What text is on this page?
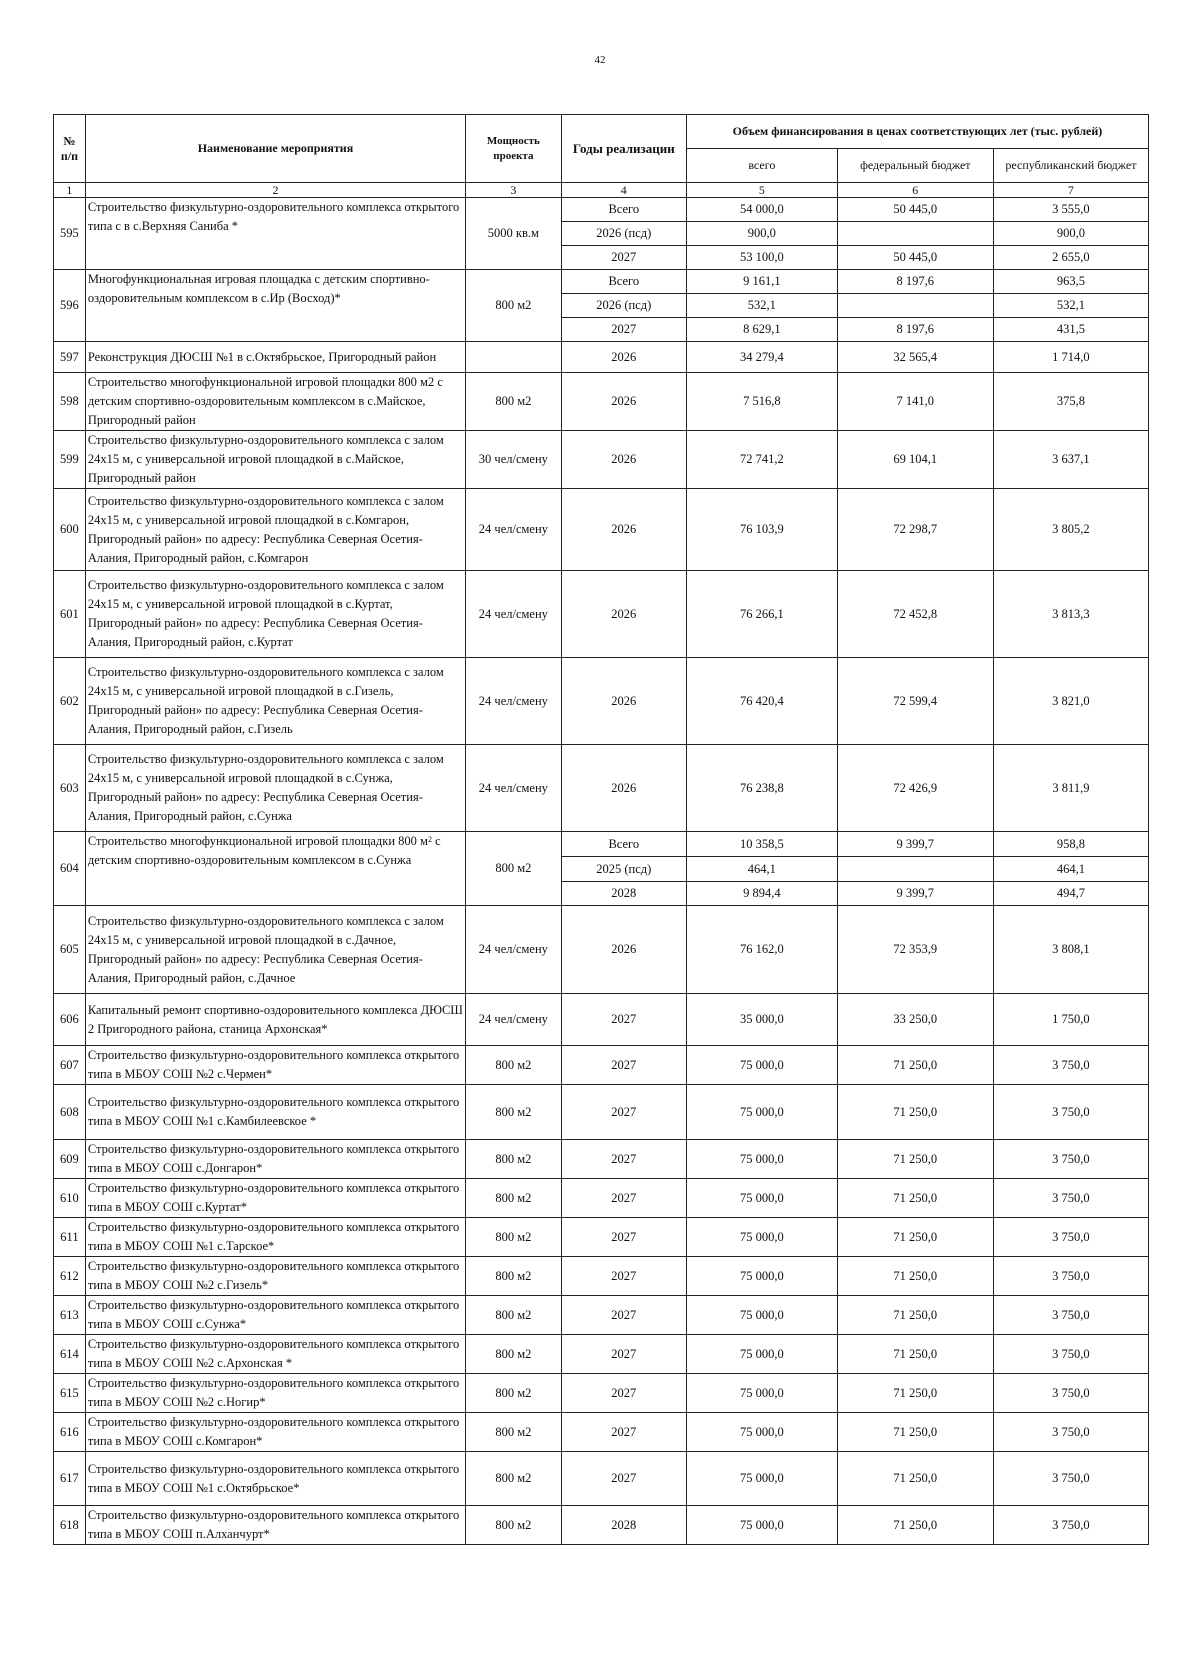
42
№
п/п	Наименование мероприятия	Мощность проекта	Годы реализации	Объем финансирования в ценах соответствующих лет (тыс. рублей)		
				всего	федеральный бюджет	республиканский бюджет
1	2	3	4	5	6	7
595	Строительство физкультурно-оздоровительного комплекса открытого типа с в с.Верхняя Саниба *	5000 кв.м	Всего	54 000,0	50 445,0	3 555,0
			2026 (псд)	900,0		900,0
			2027	53 100,0	50 445,0	2 655,0
596	Многофункциональная игровая площадка с детским спортивно-оздоровительным комплексом в с.Ир (Восход)*	800 м2	Всего	9 161,1	8 197,6	963,5
			2026 (псд)	532,1		532,1
			2027	8 629,1	8 197,6	431,5
597	Реконструкция ДЮСШ №1 в с.Октябрьское, Пригородный район		2026	34 279,4	32 565,4	1 714,0
598	Строительство многофункциональной игровой площадки 800 м2 с детским спортивно-оздоровительным комплексом в с.Майское, Пригородный район	800 м2	2026	7 516,8	7 141,0	375,8
599	Строительство физкультурно-оздоровительного комплекса с залом 24х15 м, с универсальной игровой площадкой в с.Майское, Пригородный район	30 чел/смену	2026	72 741,2	69 104,1	3 637,1
600	Строительство физкультурно-оздоровительного комплекса с залом 24х15 м, с универсальной игровой площадкой в с.Комгарон, Пригородный район» по адресу: Республика Северная Осетия-Алания, Пригородный район, с.Комгарон	24 чел/смену	2026	76 103,9	72 298,7	3 805,2
601	Строительство физкультурно-оздоровительного комплекса с залом 24х15 м, с универсальной игровой площадкой в с.Куртат, Пригородный район» по адресу: Республика Северная Осетия-Алания, Пригородный район, с.Куртат	24 чел/смену	2026	76 266,1	72 452,8	3 813,3
602	Строительство физкультурно-оздоровительного комплекса с залом 24х15 м, с универсальной игровой площадкой в с.Гизель, Пригородный район» по адресу: Республика Северная Осетия-Алания, Пригородный район, с.Гизель	24 чел/смену	2026	76 420,4	72 599,4	3 821,0
603	Строительство физкультурно-оздоровительного комплекса с залом 24х15 м, с универсальной игровой площадкой в с.Сунжа, Пригородный район» по адресу: Республика Северная Осетия-Алания, Пригородный район, с.Сунжа	24 чел/смену	2026	76 238,8	72 426,9	3 811,9
604	Строительство многофункциональной игровой площадки 800 $м^2$ с детским спортивно-оздоровительным комплексом в с.Сунжа	800 м2	Всего	10 358,5	9 399,7	958,8
			2025 (псд)	464,1		464,1
			2028	9 894,4	9 399,7	494,7
605	Строительство физкультурно-оздоровительного комплекса с залом 24х15 м, с универсальной игровой площадкой в с.Дачное, Пригородный район» по адресу: Республика Северная Осетия-Алания, Пригородный район, с.Дачное	24 чел/смену	2026	76 162,0	72 353,9	3 808,1
606	Капитальный ремонт спортивно-оздоровительного комплекса ДЮСШ 2 Пригородного района, станица Архонская*	24 чел/смену	2027	35 000,0	33 250,0	1 750,0
607	Строительство физкультурно-оздоровительного комплекса открытого типа в МБОУ СОШ №2 с.Чермен*	800 м2	2027	75 000,0	71 250,0	3 750,0
608	Строительство физкультурно-оздоровительного комплекса открытого типа в МБОУ СОШ №1 с.Камбилеевское *	800 м2	2027	75 000,0	71 250,0	3 750,0
609	Строительство физкультурно-оздоровительного комплекса открытого типа в МБОУ СОШ с.Донгарон*	800 м2	2027	75 000,0	71 250,0	3 750,0
610	Строительство физкультурно-оздоровительного комплекса открытого типа в МБОУ СОШ с.Куртат*	800 м2	2027	75 000,0	71 250,0	3 750,0
611	Строительство физкультурно-оздоровительного комплекса открытого типа в МБОУ СОШ №1 с.Тарское*	800 м2	2027	75 000,0	71 250,0	3 750,0
612	Строительство физкультурно-оздоровительного комплекса открытого типа в МБОУ СОШ №2 с.Гизель*	800 м2	2027	75 000,0	71 250,0	3 750,0
613	Строительство физкультурно-оздоровительного комплекса открытого типа в МБОУ СОШ с.Сунжа*	800 м2	2027	75 000,0	71 250,0	3 750,0
614	Строительство физкультурно-оздоровительного комплекса открытого типа в МБОУ СОШ №2 с.Архонская *	800 м2	2027	75 000,0	71 250,0	3 750,0
615	Строительство физкультурно-оздоровительного комплекса открытого типа в МБОУ СОШ №2 с.Ногир*	800 м2	2027	75 000,0	71 250,0	3 750,0
616	Строительство физкультурно-оздоровительного комплекса открытого типа в МБОУ СОШ с.Комгарон*	800 м2	2027	75 000,0	71 250,0	3 750,0
617	Строительство физкультурно-оздоровительного комплекса открытого типа в МБОУ СОШ №1 с.Октябрьское*	800 м2	2027	75 000,0	71 250,0	3 750,0
618	Строительство физкультурно-оздоровительного комплекса открытого типа в МБОУ СОШ п.Алханчурт*	800 м2	2028	75 000,0	71 250,0	3 750,0
